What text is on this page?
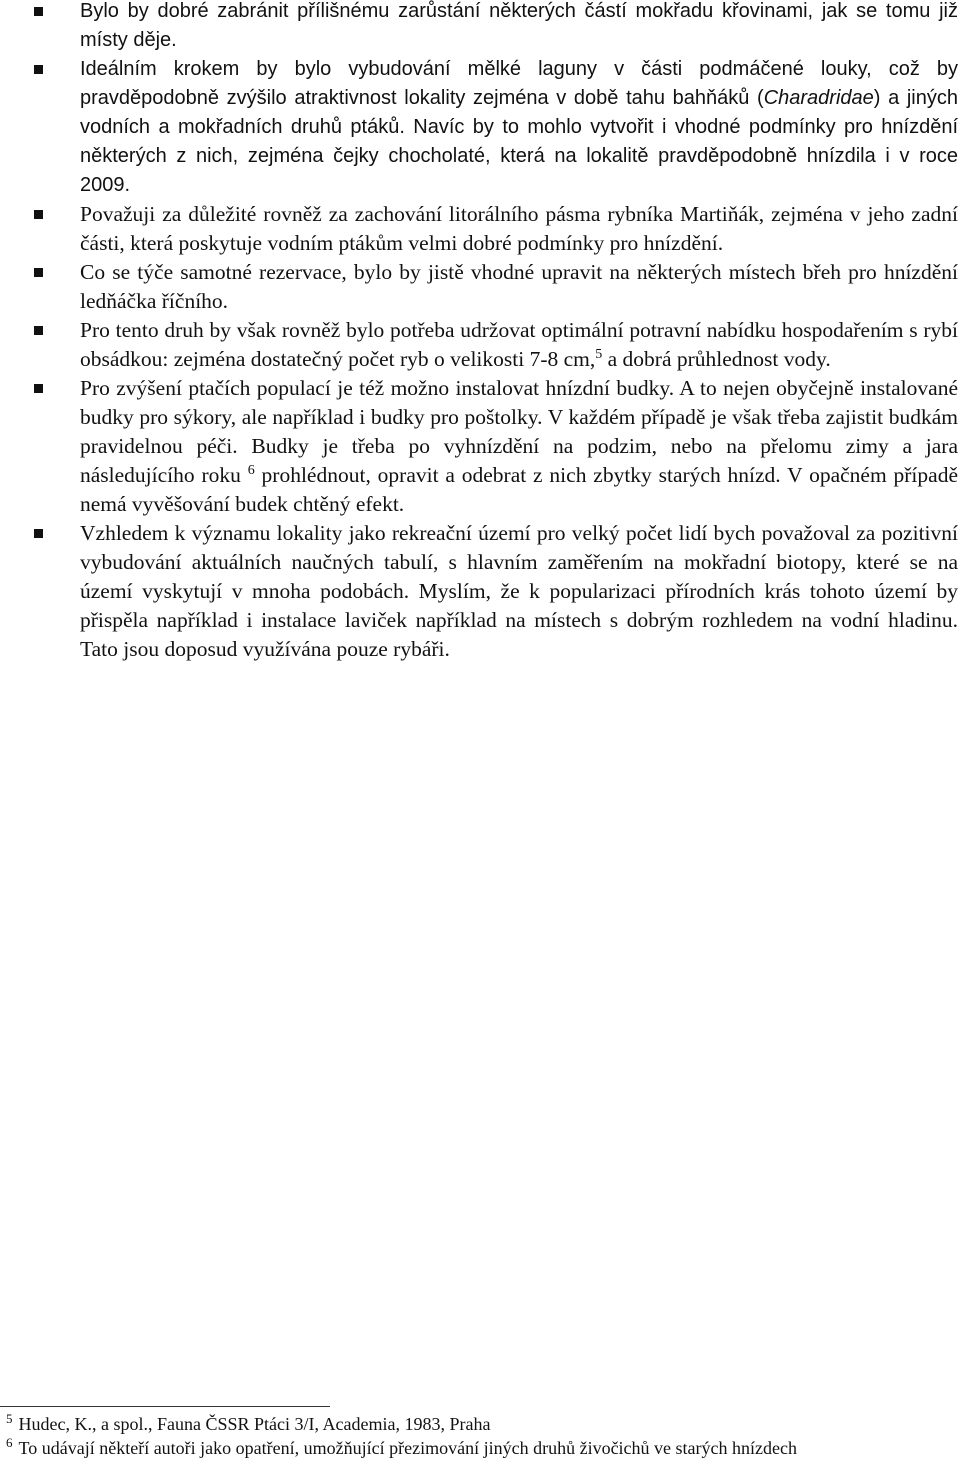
Bylo by dobré zabránit přílišnému zarůstání některých částí mokřadu křovinami, jak se tomu již místy děje.
Ideálním krokem by bylo vybudování mělké laguny v části podmáčené louky, což by pravděpodobně zvýšilo atraktivnost lokality zejména v době tahu bahňáků (Charadridae) a jiných vodních a mokřadních druhů ptáků. Navíc by to mohlo vytvořit i vhodné podmínky pro hnízdění některých z nich, zejména čejky chocholaté, která na lokalitě pravděpodobně hnízdila i v roce 2009.
Považuji za důležité rovněž za zachování litorálního pásma rybníka Martiňák, zejména v jeho zadní části, která poskytuje vodním ptákům velmi dobré podmínky pro hnízdění.
Co se týče samotné rezervace, bylo by jistě vhodné upravit na některých místech břeh pro hnízdění ledňáčka říčního.
Pro tento druh by však rovněž bylo potřeba udržovat optimální potravní nabídku hospodařením s rybí obsádkou: zejména dostatečný počet ryb o velikosti 7-8 cm,$^5$ a dobrá průhlednost vody.
Pro zvýšení ptačích populací je též možno instalovat hnízdní budky. A to nejen obyčejně instalované budky pro sýkory, ale například i budky pro poštolky. V každém případě je však třeba zajistit budkám pravidelnou péči. Budky je třeba po vyhnízdění na podzim, nebo na přelomu zimy a jara následujícího roku $^6$ prohlédnout, opravit a odebrat z nich zbytky starých hnízd. V opačném případě nemá vyvěšování budek chtěný efekt.
Vzhledem k významu lokality jako rekreační území pro velký počet lidí bych považoval za pozitivní vybudování aktuálních naučných tabulí, s hlavním zaměřením na mokřadní biotopy, které se na území vyskytují v mnoha podobách. Myslím, že k popularizaci přírodních krás tohoto území by přispěla například i instalace laviček například na místech s dobrým rozhledem na vodní hladinu. Tato jsou doposud využívána pouze rybáři.
$^5$ Hudec, K., a spol., Fauna ČSSR Ptáci 3/I, Academia, 1983, Praha
$^6$ To udávají někteří autoři jako opatření, umožňující přezimování jiných druhů živočichů ve starých hnízdech
